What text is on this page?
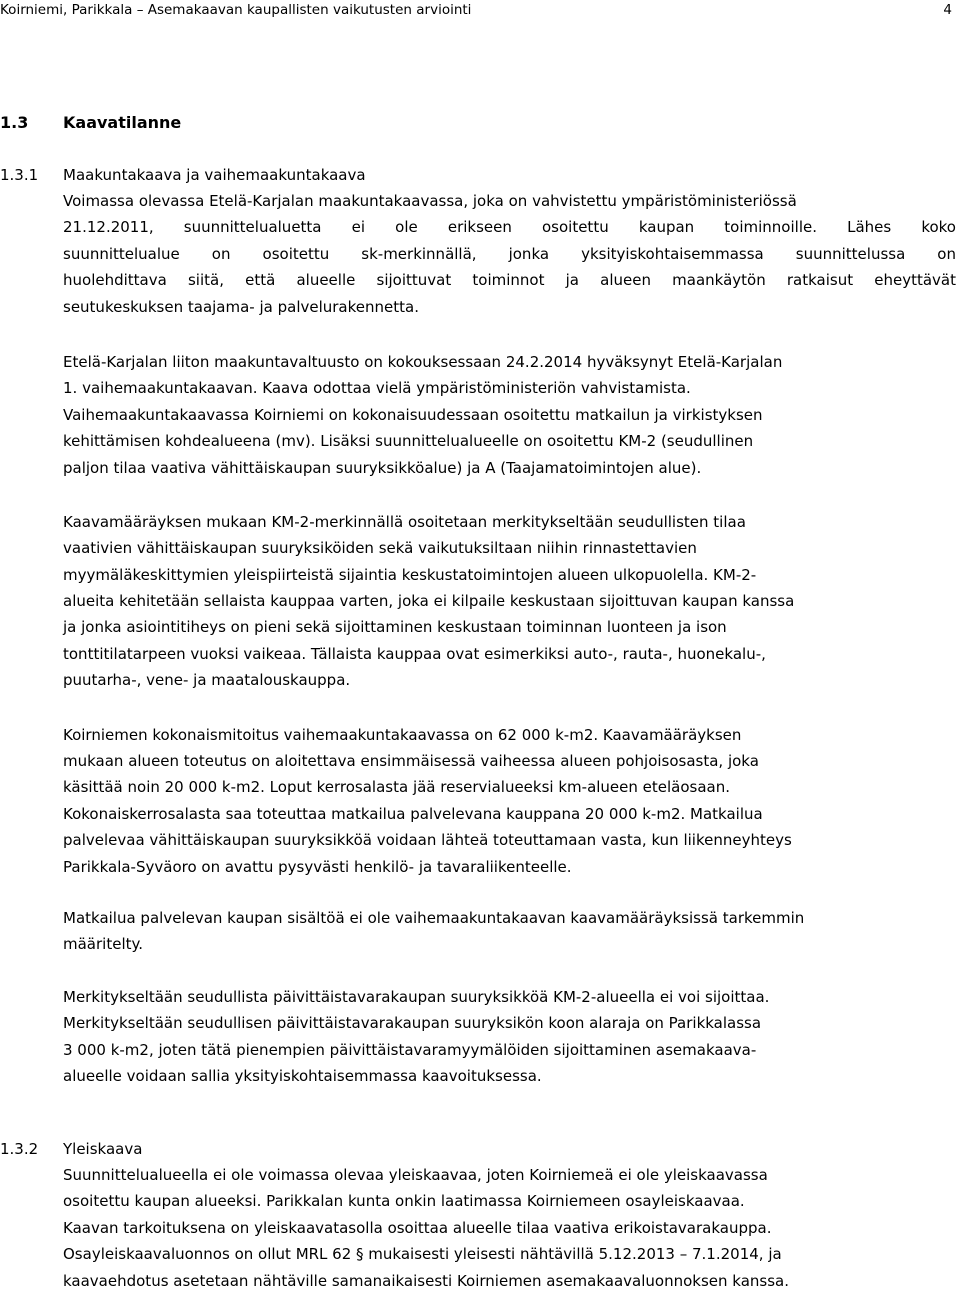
Koirniemi, Parikkala – Asemakaavan kaupallisten vaikutusten arviointi	4
1.3 Kaavatilanne
1.3.1 Maakuntakaava ja vaihemaakuntakaava
Voimassa olevassa Etelä-Karjalan maakuntakaavassa, joka on vahvistettu ympäristöministeriössä
21.12.2011, suunnittelualuetta ei ole erikseen osoitettu kaupan toiminnoille. Lähes koko
suunnittelualue on osoitettu sk-merkinnällä, jonka yksityiskohtaisemmassa suunnittelussa on
huolehdittava siitä, että alueelle sijoittuvat toiminnot ja alueen maankäytön ratkaisut eheyttävät
seutukeskuksen taajama- ja palvelurakennetta.
Etelä-Karjalan liiton maakuntavaltuusto on kokouksessaan 24.2.2014 hyväksynyt Etelä-Karjalan
1. vaihemaakuntakaavan. Kaava odottaa vielä ympäristöministeriön vahvistamista.
Vaihemaakuntakaavassa Koirniemi on kokonaisuudessaan osoitettu matkailun ja virkistyksen
kehittämisen kohdealueena (mv). Lisäksi suunnittelualueelle on osoitettu KM-2 (seudullinen
paljon tilaa vaativa vähittäiskaupan suuryksikköalue) ja A (Taajamatoimintojen alue).
Kaavamääräyksen mukaan KM-2-merkinnällä osoitetaan merkitykseltään seudullisten tilaa
vaativien vähittäiskaupan suuryksiköiden sekä vaikutuksiltaan niihin rinnastettavien
myymäläkeskittymien yleispiirteistä sijaintia keskustatoimintojen alueen ulkopuolella. KM-2-
alueita kehitetään sellaista kauppaa varten, joka ei kilpaile keskustaan sijoittuvan kaupan kanssa
ja jonka asiointitiheys on pieni sekä sijoittaminen keskustaan toiminnan luonteen ja ison
tonttitilatarpeen vuoksi vaikeaa. Tällaista kauppaa ovat esimerkiksi auto-, rauta-, huonekalu-,
puutarha-, vene- ja maatalouskauppa.
Koirniemen kokonaismitoitus vaihemaakuntakaavassa on 62 000 k-m2. Kaavamääräyksen
mukaan alueen toteutus on aloitettava ensimmäisessä vaiheessa alueen pohjoisosasta, joka
käsittää noin 20 000 k-m2. Loput kerrosalasta jää reservialueeksi km-alueen eteläosaan.
Kokonaiskerrosalasta saa toteuttaa matkailua palvelevana kauppana 20 000 k-m2. Matkailua
palvelevaa vähittäiskaupan suuryksikköä voidaan lähteä toteuttamaan vasta, kun liikenneyhteys
Parikkala-Syväoro on avattu pysyvästi henkilö- ja tavaraliikenteelle.
Matkailua palvelevan kaupan sisältöä ei ole vaihemaakuntakaavan kaavamääräyksissä tarkemmin
määritelty.
Merkitykseltään seudullista päivittäistavarakaupan suuryksikköä KM-2-alueella ei voi sijoittaa.
Merkitykseltään seudullisen päivittäistavarakaupan suuryksikön koon alaraja on Parikkalassa
3 000 k-m2, joten tätä pienempien päivittäistavaramyymälöiden sijoittaminen asemakaava-
alueelle voidaan sallia yksityiskohtaisemmassa kaavoituksessa.
1.3.2 Yleiskaava
Suunnittelualueella ei ole voimassa olevaa yleiskaavaa, joten Koirniemeä ei ole yleiskaavassa
osoitettu kaupan alueeksi. Parikkalan kunta onkin laatimassa Koirniemeen osayleiskaavaa.
Kaavan tarkoituksena on yleiskaavatasolla osoittaa alueelle tilaa vaativa erikoistavarakauppa.
Osayleiskaavaluonnos on ollut MRL 62 § mukaisesti yleisesti nähtävillä 5.12.2013 – 7.1.2014, ja
kaavaehdotus asetetaan nähtäville samanaikaisesti Koirniemen asemakaavaluonnoksen kanssa.
